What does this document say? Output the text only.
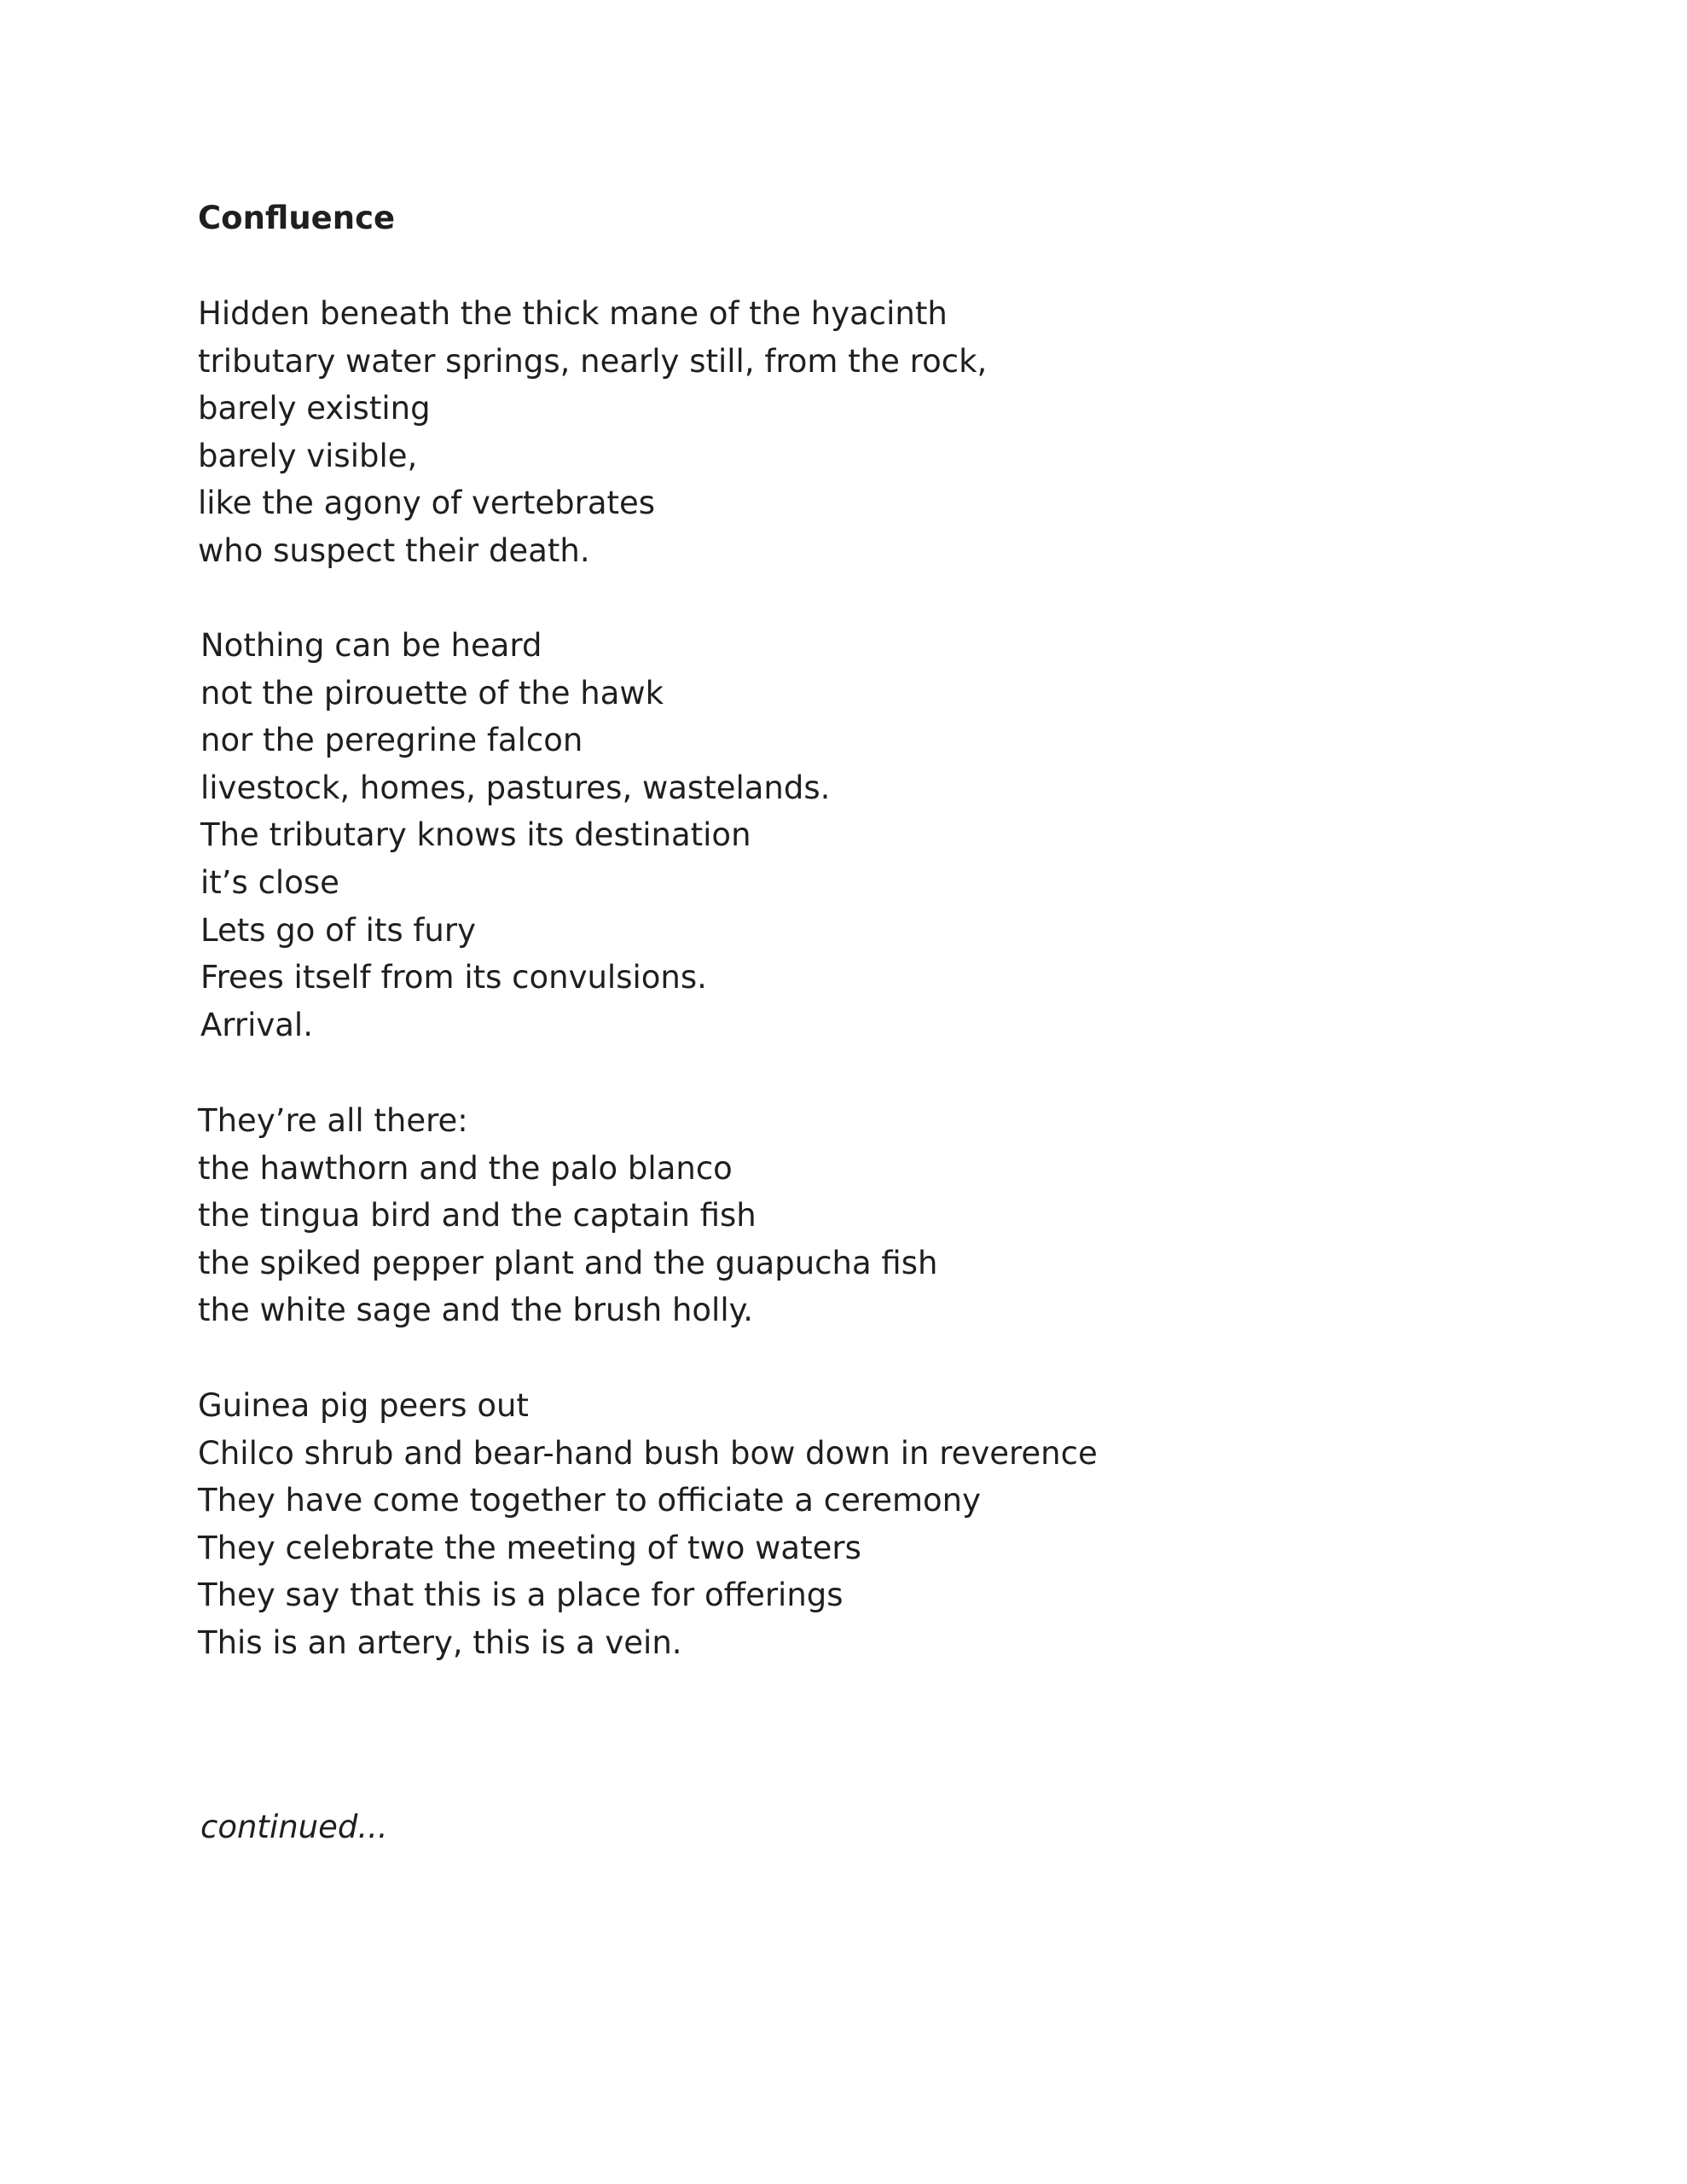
Confluence
Hidden beneath the thick mane of the hyacinth
tributary water springs, nearly still, from the rock,
barely existing
barely visible,
like the agony of vertebrates
who suspect their death.
Nothing can be heard
not the pirouette of the hawk
nor the peregrine falcon
livestock, homes, pastures, wastelands.
The tributary knows its destination
it’s close
Lets go of its fury
Frees itself from its convulsions.
Arrival.
They’re all there:
the hawthorn and the palo blanco
the tingua bird and the captain fish
the spiked pepper plant and the guapucha fish
the white sage and the brush holly.
Guinea pig peers out
Chilco shrub and bear-hand bush bow down in reverence
They have come together to officiate a ceremony
They celebrate the meeting of two waters
They say that this is a place for offerings
This is an artery, this is a vein.

continued...
